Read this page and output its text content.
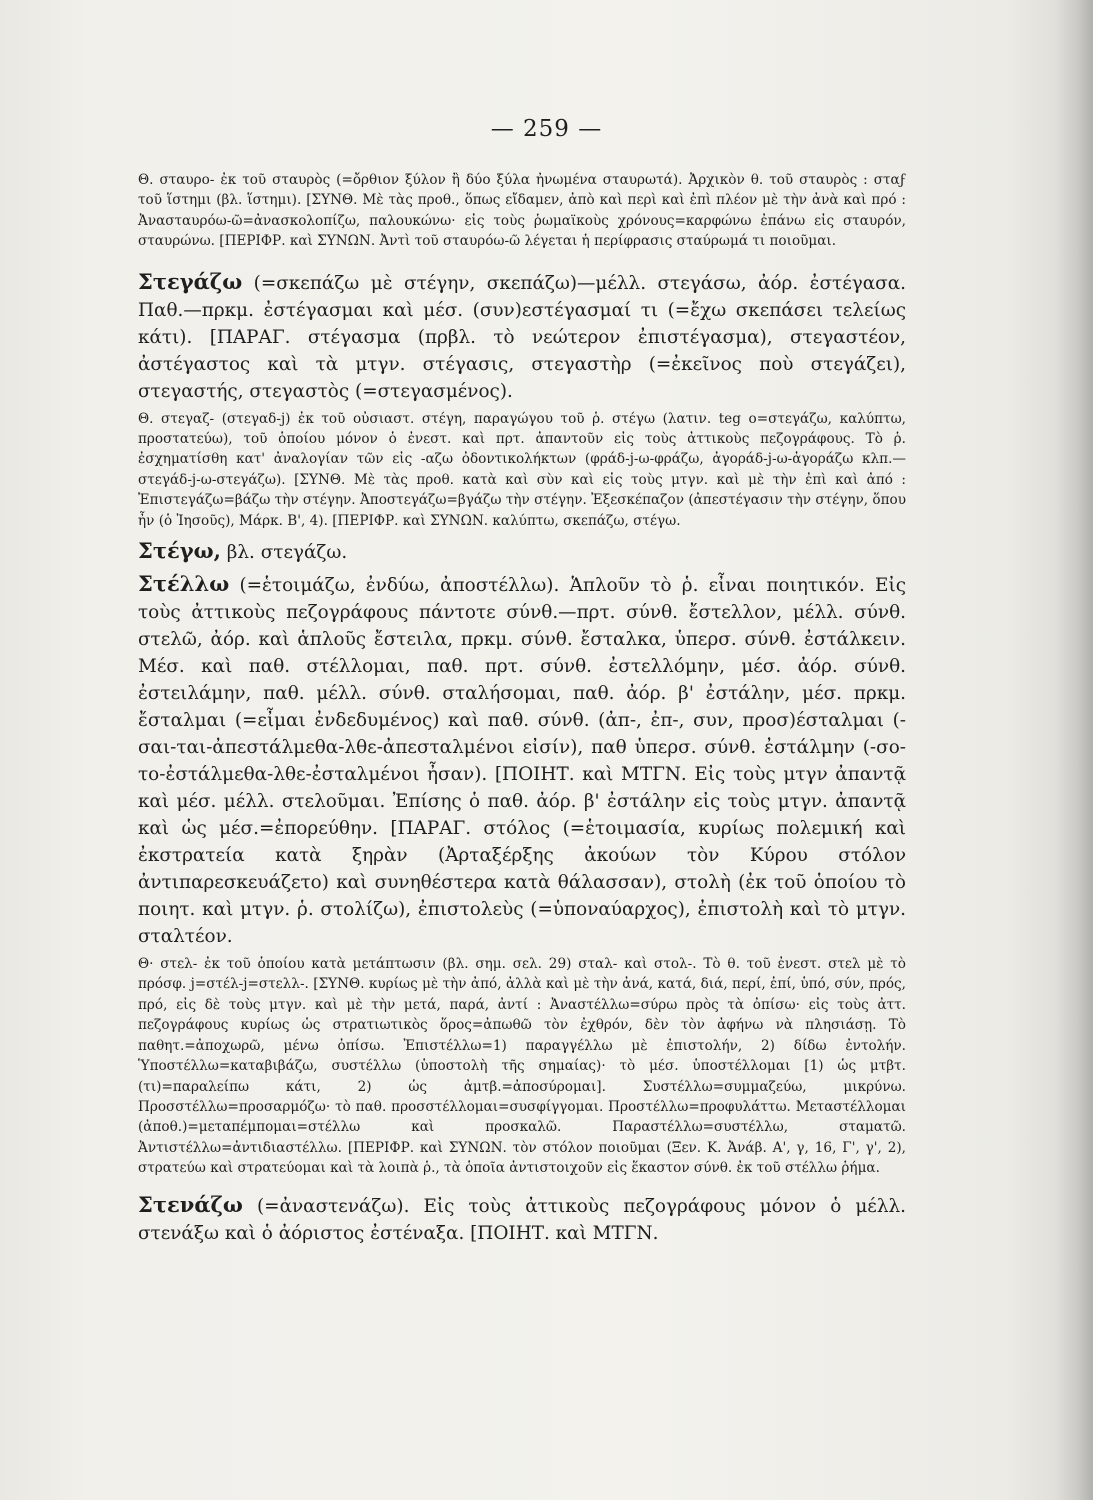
— 259 —

Θ. σταυρο- ἐκ τοῦ σταυρὸς (=ὄρθιον ξύλον ἢ δύο ξύλα ἠνωμένα σταυρωτά). Ἀρχικὸν θ. τοῦ σταυρὸς : σταϝ τοῦ ἵστημι (βλ. ἵστημι). [ΣΥΝΘ. Μὲ τὰς προθ., ὅπως εἴδαμεν, ἀπὸ καὶ περὶ καὶ ἐπὶ πλέον μὲ τὴν ἀνὰ καὶ πρό : Ἀνασταυρόω-ῶ=ἀνασκολοπίζω, παλουκώνω· εἰς τοὺς ῥωμαϊκοὺς χρόνους=καρφώνω ἐπάνω εἰς σταυρόν, σταυρώνω. [ΠΕΡΙΦΡ. καὶ ΣΥΝΩΝ. Ἀντὶ τοῦ σταυρόω-ῶ λέγεται ἡ περίφρασις σταύρωμά τι ποιοῦμαι.

Στεγάζω (=σκεπάζω μὲ στέγην, σκεπάζω)—μέλλ. στεγάσω, ἀόρ. ἐστέγασα. Παθ.—πρκμ. ἐστέγασμαι καὶ μέσ. (συν)εστέγασμαί τι (=ἔχω σκεπάσει τελείως κάτι). [ΠΑΡΑΓ. στέγασμα (πρβλ. τὸ νεώτερον ἐπιστέγασμα), στεγαστέον, ἀστέγαστος καὶ τὰ μτγν. στέγασις, στεγαστὴρ (=ἐκεῖνος ποὺ στεγάζει), στεγαστής, στεγαστὸς (=στεγασμένος).

Θ. στεγαζ- (στεγαδ-j) ἐκ τοῦ οὐσιαστ. στέγη, παραγώγου τοῦ ῥ. στέγω (λατιν. teg o=στεγάζω, καλύπτω, προστατεύω), τοῦ ὁποίου μόνον ὁ ἐνεστ. καὶ πρτ. ἀπαντοῦν εἰς τοὺς ἀττικοὺς πεζογράφους. Τὸ ῥ. ἐσχηματίσθη κατ' ἀναλογίαν τῶν εἰς -αζω ὀδοντικολήκτων (φράδ-j-ω-φράζω, ἀγοράδ-j-ω-ἀγοράζω κλπ.—στεγάδ-j-ω-στεγάζω). [ΣΥΝΘ. Μὲ τὰς προθ. κατὰ καὶ σὺν καὶ εἰς τοὺς μτγν. καὶ μὲ τὴν ἐπὶ καὶ ἀπό : Ἐπιστεγάζω=βάζω τὴν στέγην. Ἀποστεγάζω=βγάζω τὴν στέγην. Ἐξεσκέπαζον (ἀπεστέγασιν τὴν στέγην, ὅπου ἦν (ὁ Ἰησοῦς), Μάρκ. Β', 4). [ΠΕΡΙΦΡ. καὶ ΣΥΝΩΝ. καλύπτω, σκεπάζω, στέγω.

Στέγω, βλ. στεγάζω.

Στέλλω (=ἑτοιμάζω, ἐνδύω, ἀποστέλλω). Ἁπλοῦν τὸ ῥ. εἶναι ποιητικόν. Εἰς τοὺς ἀττικοὺς πεζογράφους πάντοτε σύνθ.—πρτ. σύνθ. ἔστελλον, μέλλ. σύνθ. στελῶ, ἀόρ. καὶ ἁπλοῦς ἔστειλα, πρκμ. σύνθ. ἔσταλκα, ὑπερσ. σύνθ. ἐστάλκειν. Μέσ. καὶ παθ. στέλλομαι, παθ. πρτ. σύνθ. ἐστελλόμην, μέσ. ἀόρ. σύνθ. ἐστειλάμην, παθ. μέλλ. σύνθ. σταλήσομαι, παθ. ἀόρ. β' ἐστάλην, μέσ. πρκμ. ἔσταλμαι (=εἶμαι ἐνδεδυμένος) καὶ παθ. σύνθ. (ἀπ-, ἐπ-, συν, προσ)έσταλμαι (-σαι-ται-ἀπεστάλμεθα-λθε-ἀπεσταλμένοι εἰσίν), παθ ὑπερσ. σύνθ. ἐστάλμην (-σο-το-ἐστάλμεθα-λθε-ἐσταλμένοι ἦσαν). [ΠΟΙΗΤ. καὶ ΜΤΓΝ. Εἰς τοὺς μτγν ἀπαντᾷ καὶ μέσ. μέλλ. στελοῦμαι. Ἐπίσης ὁ παθ. ἀόρ. β' ἐστάλην εἰς τοὺς μτγν. ἀπαντᾷ καὶ ὡς μέσ.=ἐπορεύθην. [ΠΑΡΑΓ. στόλος (=ἑτοιμασία, κυρίως πολεμική καὶ ἐκστρατεία κατὰ ξηρὰν (Ἀρταξέρξης ἀκούων τὸν Κύρου στόλον ἀντιπαρεσκευάζετο) καὶ συνηθέστερα κατὰ θάλασσαν), στολὴ (ἐκ τοῦ ὁποίου τὸ ποιητ. καὶ μτγν. ῥ. στολίζω), ἐπιστολεὺς (=ὑποναύαρχος), ἐπιστολὴ καὶ τὸ μτγν. σταλτέον.

Θ· στελ- ἐκ τοῦ ὁποίου κατὰ μετάπτωσιν (βλ. σημ. σελ. 29) σταλ- καὶ στολ-. Τὸ θ. τοῦ ἐνεστ. στελ μὲ τὸ πρόσφ. j=στέλ-j=στελλ-. [ΣΥΝΘ. κυρίως μὲ τὴν ἀπό, ἀλλὰ καὶ μὲ τὴν ἀνά, κατά, διά, περί, ἐπί, ὑπό, σύν, πρός, πρό, εἰς δὲ τοὺς μτγν. καὶ μὲ τὴν μετά, παρά, ἀντί : Ἀναστέλλω=σύρω πρὸς τὰ ὀπίσω· εἰς τοὺς ἀττ. πεζογράφους κυρίως ὡς στρατιωτικὸς ὅρος=ἀπωθῶ τὸν ἐχθρόν, δὲν τὸν ἀφήνω νὰ πλησιάσῃ. Τὸ παθητ.=ἀποχωρῶ, μένω ὀπίσω. Ἐπιστέλλω=1) παραγγέλλω μὲ ἐπιστολήν, 2) δίδω ἐντολήν. Ὑποστέλλω=καταβιβάζω, συστέλλω (ὑποστολὴ τῆς σημαίας)· τὸ μέσ. ὑποστέλλομαι [1) ὡς μτβτ. (τι)=παραλείπω κάτι, 2) ὡς ἀμτβ.=ἀποσύρομαι]. Συστέλλω=συμμαζεύω, μικρύνω. Προσστέλλω=προσαρμόζω· τὸ παθ. προσστέλλομαι=συσφίγγομαι. Προστέλλω=προφυλάττω. Μεταστέλλομαι (ἀποθ.)=μεταπέμπομαι=στέλλω καὶ προσκαλῶ. Παραστέλλω=συστέλλω, σταματῶ. Ἀντιστέλλω=ἀντιδιαστέλλω. [ΠΕΡΙΦΡ. καὶ ΣΥΝΩΝ. τὸν στόλον ποιοῦμαι (Ξεν. Κ. Ἀνάβ. Α', γ, 16, Γ', γ', 2), στρατεύω καὶ στρατεύομαι καὶ τὰ λοιπὰ ῥ., τὰ ὁποῖα ἀντιστοιχοῦν εἰς ἕκαστον σύνθ. ἐκ τοῦ στέλλω ῥήμα.

Στενάζω (=ἀναστενάζω). Εἰς τοὺς ἀττικοὺς πεζογράφους μόνον ὁ μέλλ. στενάξω καὶ ὁ ἀόριστος ἐστέναξα. [ΠΟΙΗΤ. καὶ ΜΤΓΝ.
